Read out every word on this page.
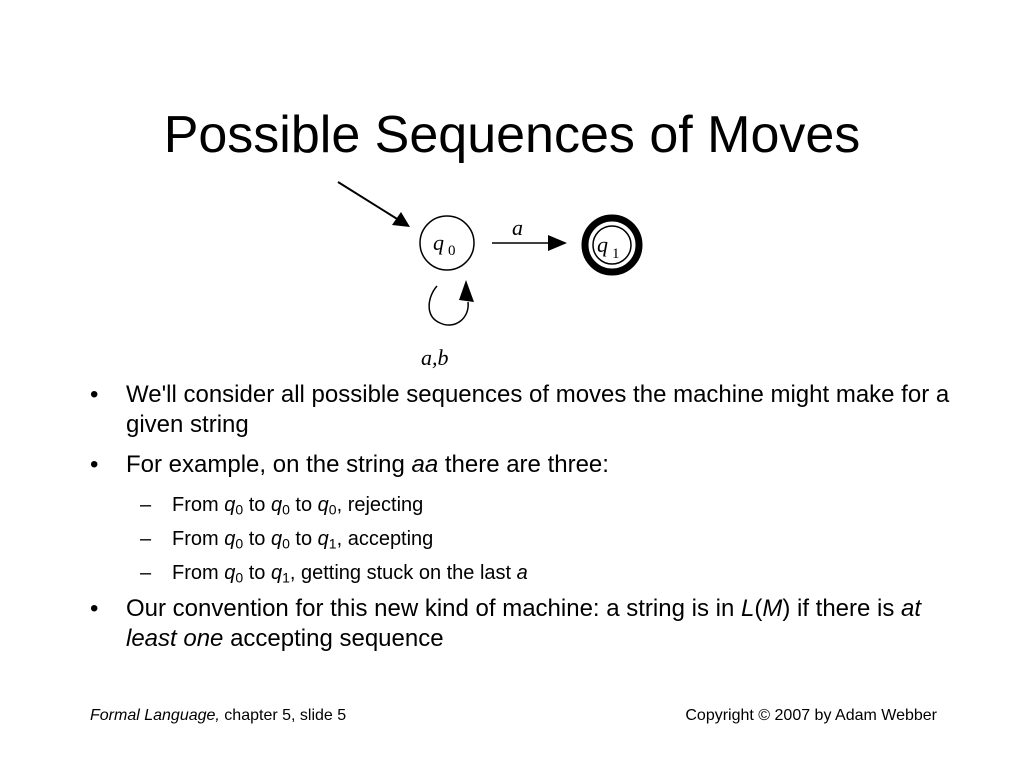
Possible Sequences of Moves
q 0
a
q 1
a,b
• We'll consider all possible sequences of moves the machine might make for a given string
• For example, on the string aa there are three:
– From $q_0$ to $q_0$ to $q_0$, rejecting
– From $q_0$ to $q_0$ to $q_1$, accepting
– From $q_0$ to $q_1$, getting stuck on the last a
• Our convention for this new kind of machine: a string is in L(M) if there is at least one accepting sequence
Formal Language, chapter 5, slide 5	Copyright © 2007 by Adam Webber
